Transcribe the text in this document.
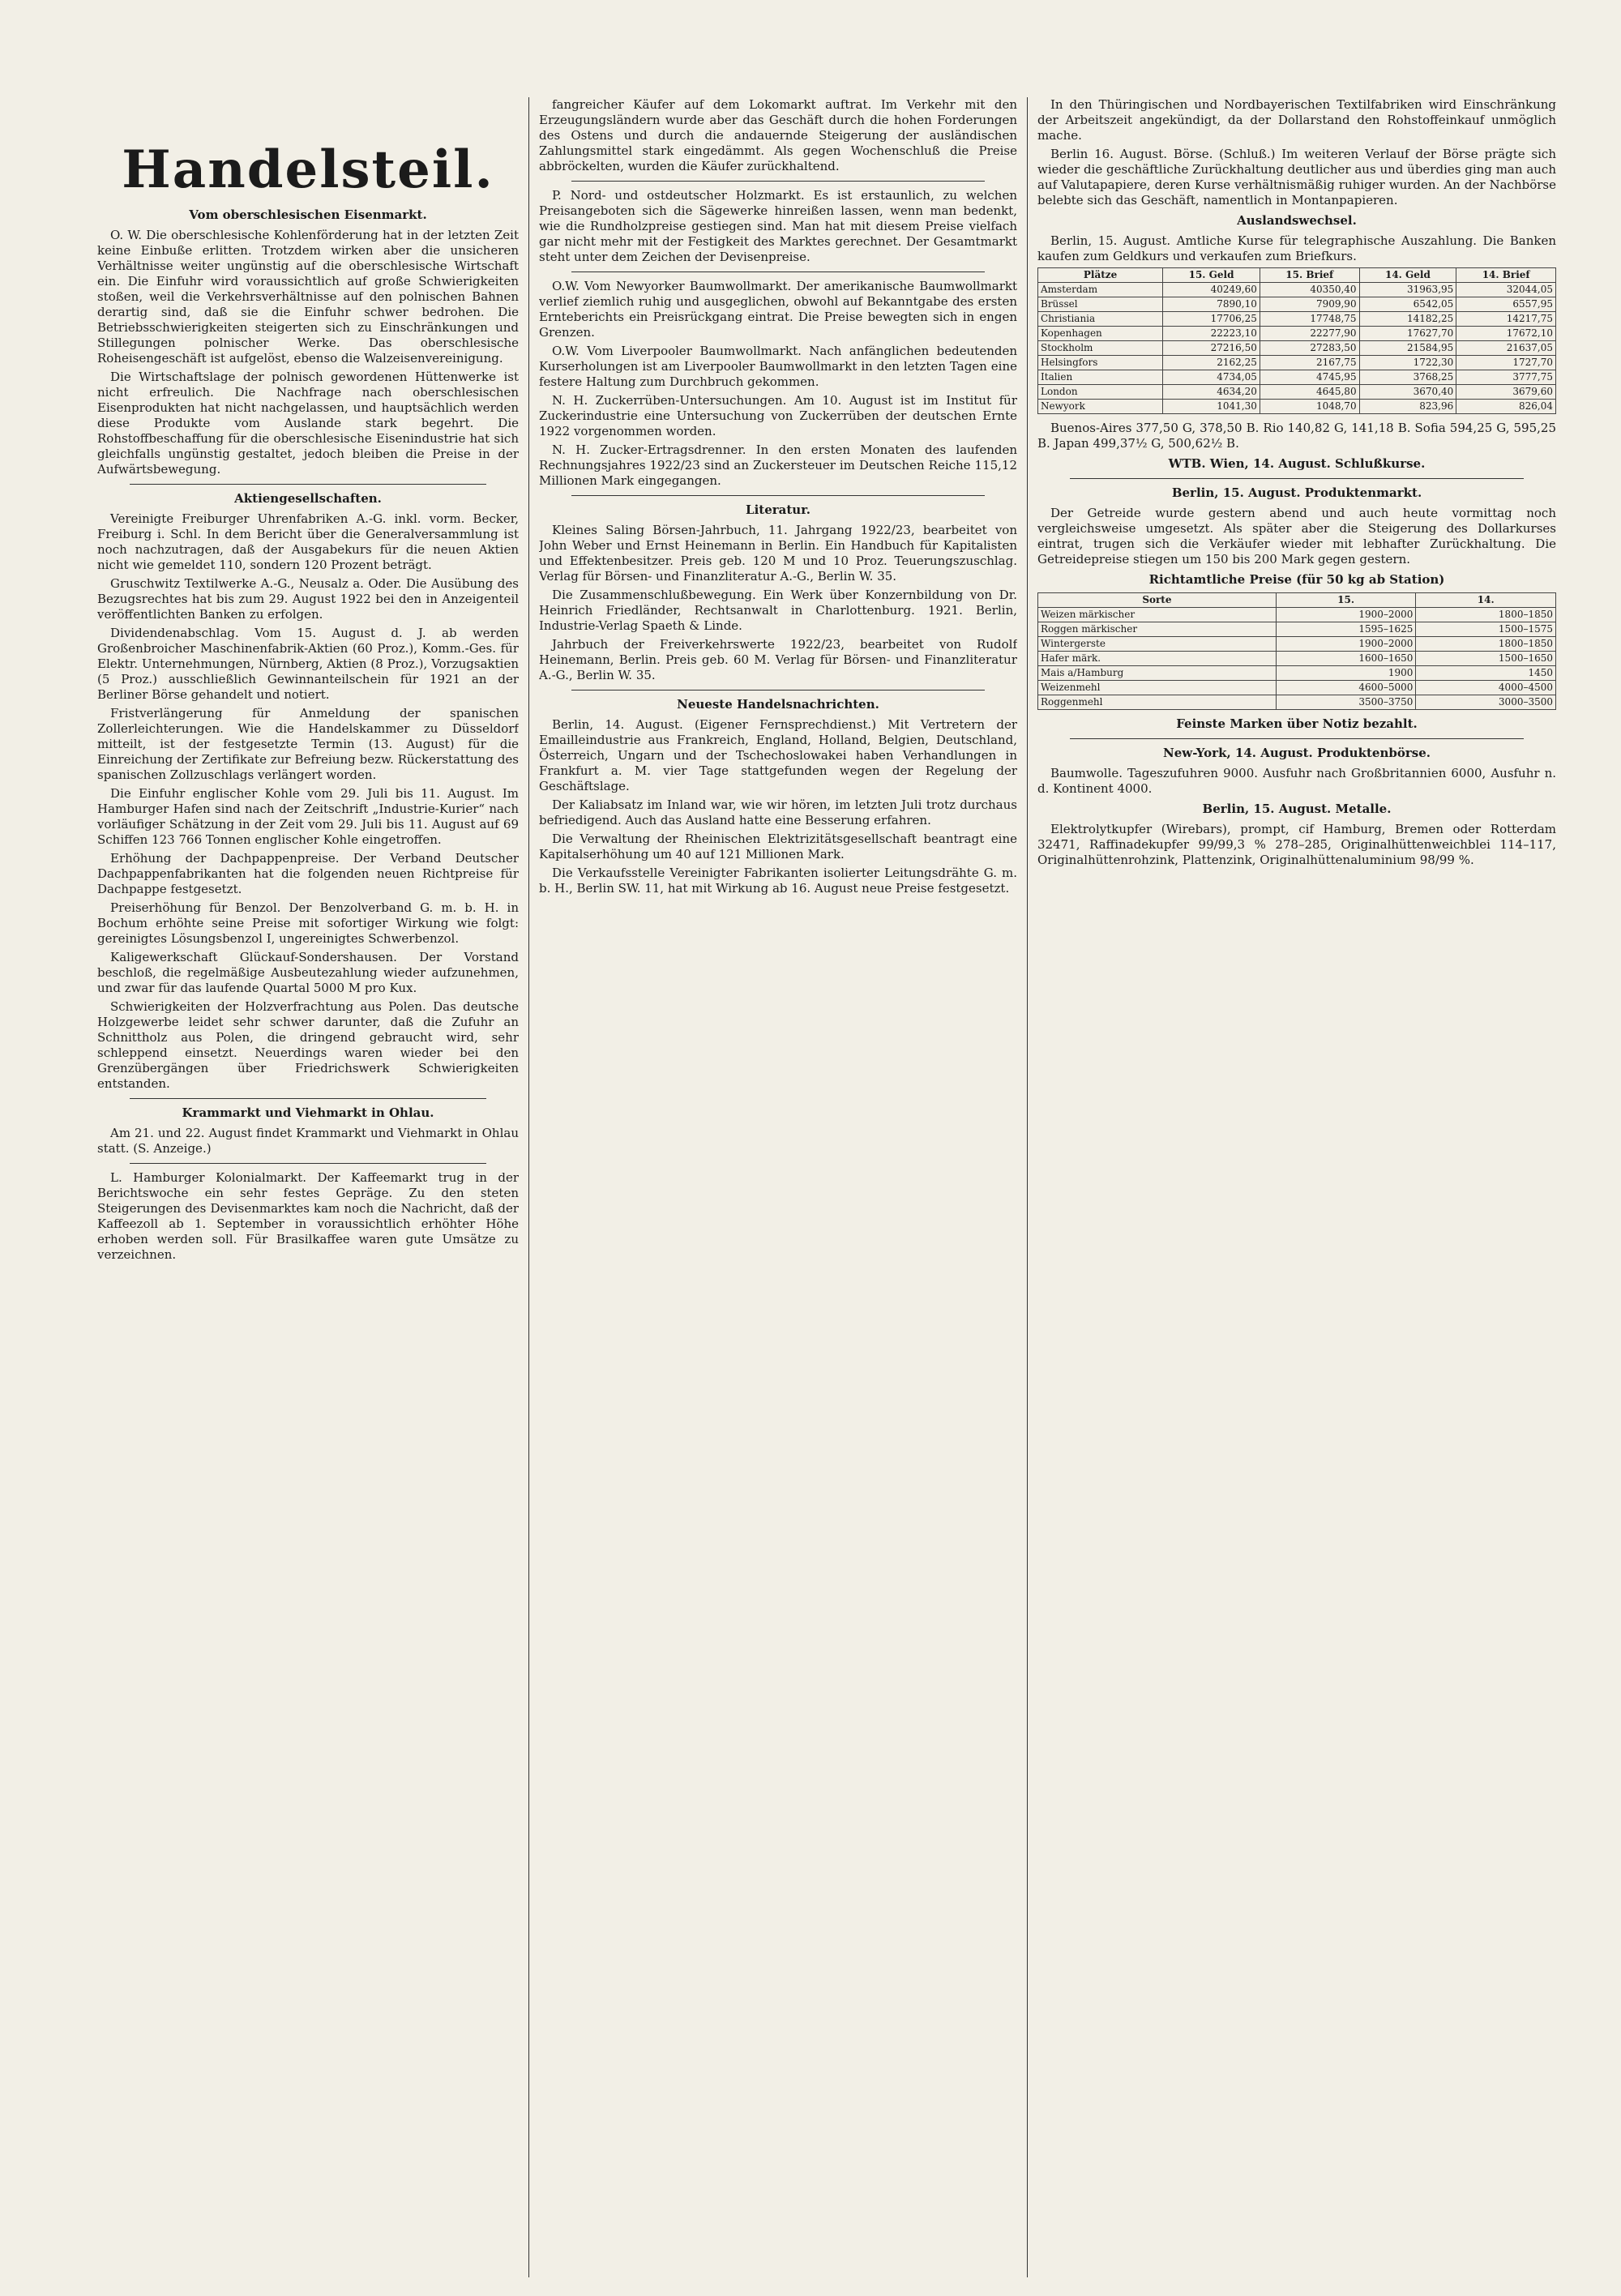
Handelsteil.
Vom oberschlesischen Eisenmarkt.

O. W. Die oberschlesische Kohlenförderung hat in der letzten Zeit keine Einbuße erlitten. Trotzdem wirken aber die unsicheren Verhältnisse weiter ungünstig auf die oberschlesische Wirtschaft ein. Die Einfuhr wird voraussichtlich auf große Schwierigkeiten stoßen, weil die Verkehrsverhältnisse auf den polnischen Bahnen derartig sind, daß sie die Einfuhr schwer bedrohen. Die Betriebsschwierigkeiten steigerten sich zu Einschränkungen und Stillegungen polnischer Werke. Das oberschlesische Roheisengeschäft ist aufgelöst, ebenso die Walzeisenvereinigung.

Die Wirtschaftslage der polnisch gewordenen Hüttenwerke ist nicht erfreulich. Die Nachfrage nach oberschlesischen Eisenprodukten hat nicht nachgelassen, und hauptsächlich werden diese Produkte vom Auslande stark begehrt. Die Rohstoffbeschaffung für die oberschlesische Eisenindustrie hat sich gleichfalls ungünstig gestaltet, jedoch bleiben die Preise in der Aufwärtsbewegung.

Aktiengesellschaften.

Vereinigte Freiburger Uhrenfabriken A.-G. inkl. vorm. Becker, Freiburg i. Schl. In dem Bericht über die Generalversammlung ist noch nachzutragen, daß der Ausgabekurs für die neuen Aktien nicht wie gemeldet 110, sondern 120 Prozent beträgt.

Gruschwitz Textilwerke A.-G., Neusalz a. Oder. Die Ausübung des Bezugsrechtes hat bis zum 29. August 1922 bei den in Anzeigenteil veröffentlichten Banken zu erfolgen.

Dividendenabschlag. Vom 15. August d. J. ab werden Großenbroicher Maschinenfabrik-Aktien (60 Proz.), Komm.-Ges. für Elektr. Unternehmungen, Nürnberg, Aktien (8 Proz.), Vorzugsaktien (5 Proz.) ausschließlich Gewinnanteilschein für 1921 an der Berliner Börse gehandelt und notiert.

Fristverlängerung für Anmeldung der spanischen Zollerleichterungen. Wie die Handelskammer zu Düsseldorf mitteilt, ist der festgesetzte Termin (13. August) für die Einreichung der Zertifikate zur Befreiung bezw. Rückerstattung des spanischen Zollzuschlags verlängert worden.

Die Einfuhr englischer Kohle vom 29. Juli bis 11. August. Im Hamburger Hafen sind nach der Zeitschrift „Industrie-Kurier“ nach vorläufiger Schätzung in der Zeit vom 29. Juli bis 11. August auf 69 Schiffen 123 766 Tonnen englischer Kohle eingetroffen.

Erhöhung der Dachpappenpreise. Der Verband Deutscher Dachpappenfabrikanten hat die folgenden neuen Richtpreise für Dachpappe festgesetzt.

Preiserhöhung für Benzol. Der Benzolverband G. m. b. H. in Bochum erhöhte seine Preise mit sofortiger Wirkung wie folgt: gereinigtes Lösungsbenzol I, ungereinigtes Schwerbenzol.

Kaligewerkschaft Glückauf-Sondershausen. Der Vorstand beschloß, die regelmäßige Ausbeutezahlung wieder aufzunehmen, und zwar für das laufende Quartal 5000 M pro Kux.

Schwierigkeiten der Holzverfrachtung aus Polen. Das deutsche Holzgewerbe leidet sehr schwer darunter, daß die Zufuhr an Schnittholz aus Polen, die dringend gebraucht wird, sehr schleppend einsetzt. Neuerdings waren wieder bei den Grenzübergängen über Friedrichswerk Schwierigkeiten entstanden.

Krammarkt und Viehmarkt in Ohlau.

Am 21. und 22. August findet Krammarkt und Viehmarkt in Ohlau statt. (S. Anzeige.)

L. Hamburger Kolonialmarkt. Der Kaffeemarkt trug in der Berichtswoche ein sehr festes Gepräge. Zu den steten Steigerungen des Devisenmarktes kam noch die Nachricht, daß der Kaffeezoll ab 1. September in voraussichtlich erhöhter Höhe erhoben werden soll. Für Brasilkaffee waren gute Umsätze zu verzeichnen.

fangreicher Käufer auf dem Lokomarkt auftrat. Im Verkehr mit den Erzeugungsländern wurde aber das Geschäft durch die hohen Forderungen des Ostens und durch die andauernde Steigerung der ausländischen Zahlungsmittel stark eingedämmt. Als gegen Wochenschluß die Preise abbröckelten, wurden die Käufer zurückhaltend.

P. Nord- und ostdeutscher Holzmarkt. Es ist erstaunlich, zu welchen Preisangeboten sich die Sägewerke hinreißen lassen, wenn man bedenkt, wie die Rundholzpreise gestiegen sind. Man hat mit diesem Preise vielfach gar nicht mehr mit der Festigkeit des Marktes gerechnet. Der Gesamtmarkt steht unter dem Zeichen der Devisenpreise.

O.W. Vom Newyorker Baumwollmarkt. Der amerikanische Baumwollmarkt verlief ziemlich ruhig und ausgeglichen, obwohl auf Bekanntgabe des ersten Ernteberichts ein Preisrückgang eintrat. Die Preise bewegten sich in engen Grenzen.

O.W. Vom Liverpooler Baumwollmarkt. Nach anfänglichen bedeutenden Kurserholungen ist am Liverpooler Baumwollmarkt in den letzten Tagen eine festere Haltung zum Durchbruch gekommen.

N. H. Zuckerrüben-Untersuchungen. Am 10. August ist im Institut für Zuckerindustrie eine Untersuchung von Zuckerrüben der deutschen Ernte 1922 vorgenommen worden.

N. H. Zucker-Ertragsdrenner. In den ersten Monaten des laufenden Rechnungsjahres 1922/23 sind an Zuckersteuer im Deutschen Reiche 115,12 Millionen Mark eingegangen.

Literatur.

Kleines Saling Börsen-Jahrbuch, 11. Jahrgang 1922/23, bearbeitet von John Weber und Ernst Heinemann in Berlin. Ein Handbuch für Kapitalisten und Effektenbesitzer. Preis geb. 120 M und 10 Proz. Teuerungszuschlag. Verlag für Börsen- und Finanzliteratur A.-G., Berlin W. 35.

Die Zusammenschlußbewegung. Ein Werk über Konzernbildung von Dr. Heinrich Friedländer, Rechtsanwalt in Charlottenburg. 1921. Berlin, Industrie-Verlag Spaeth & Linde.

Jahrbuch der Freiverkehrswerte 1922/23, bearbeitet von Rudolf Heinemann, Berlin. Preis geb. 60 M. Verlag für Börsen- und Finanzliteratur A.-G., Berlin W. 35.

Neueste Handelsnachrichten.

Berlin, 14. August. (Eigener Fernsprechdienst.) Mit Vertretern der Emailleindustrie aus Frankreich, England, Holland, Belgien, Deutschland, Österreich, Ungarn und der Tschechoslowakei haben Verhandlungen in Frankfurt a. M. vier Tage stattgefunden wegen der Regelung der Geschäftslage.

Der Kaliabsatz im Inland war, wie wir hören, im letzten Juli trotz durchaus befriedigend. Auch das Ausland hatte eine Besserung erfahren.

Die Verwaltung der Rheinischen Elektrizitätsgesellschaft beantragt eine Kapitalserhöhung um 40 auf 121 Millionen Mark.

Die Verkaufsstelle Vereinigter Fabrikanten isolierter Leitungsdrähte G. m. b. H., Berlin SW. 11, hat mit Wirkung ab 16. August neue Preise festgesetzt.

In den Thüringischen und Nordbayerischen Textilfabriken wird Einschränkung der Arbeitszeit angekündigt, da der Dollarstand den Rohstoffeinkauf unmöglich mache.

Berlin 16. August. Börse. (Schluß.) Im weiteren Verlauf der Börse prägte sich wieder die geschäftliche Zurückhaltung deutlicher aus und überdies ging man auch auf Valutapapiere, deren Kurse verhältnismäßig ruhiger wurden. An der Nachbörse belebte sich das Geschäft, namentlich in Montanpapieren.

Auslandswechsel.

Berlin, 15. August. Amtliche Kurse für telegraphische Auszahlung. Die Banken kaufen zum Geldkurs und verkaufen zum Briefkurs.

Plätze	15. Geld	15. Brief	14. Geld	14. Brief
Amsterdam	40249,60	40350,40	31963,95	32044,05
Brüssel	7890,10	7909,90	6542,05	6557,95
Christiania	17706,25	17748,75	14182,25	14217,75
Kopenhagen	22223,10	22277,90	17627,70	17672,10
Stockholm	27216,50	27283,50	21584,95	21637,05
Helsingfors	2162,25	2167,75	1722,30	1727,70
Italien	4734,05	4745,95	3768,25	3777,75
London	4634,20	4645,80	3670,40	3679,60
Newyork	1041,30	1048,70	823,96	826,04

Buenos-Aires 377,50 G, 378,50 B. Rio 140,82 G, 141,18 B. Sofia 594,25 G, 595,25 B. Japan 499,37½ G, 500,62½ B.

WTB. Wien, 14. August. Schlußkurse.
Berlin, 15. August. Produktenmarkt.

Der Getreide wurde gestern abend und auch heute vormittag noch vergleichsweise umgesetzt. Als später aber die Steigerung des Dollarkurses eintrat, trugen sich die Verkäufer wieder mit lebhafter Zurückhaltung. Die Getreidepreise stiegen um 150 bis 200 Mark gegen gestern.

Richtamtliche Preise (für 50 kg ab Station)
Sorte	15.	14.
Weizen märkischer	1900–2000	1800–1850
Roggen märkischer	1595–1625	1500–1575
Wintergerste	1900–2000	1800–1850
Hafer märk.	1600–1650	1500–1650
Mais a/Hamburg	1900	1450
Weizenmehl	4600–5000	4000–4500
Roggenmehl	3500–3750	3000–3500
Feinste Marken über Notiz bezahlt.
New-York, 14. August. Produktenbörse.

Baumwolle. Tageszufuhren 9000. Ausfuhr nach Großbritannien 6000, Ausfuhr n. d. Kontinent 4000.

Berlin, 15. August. Metalle.

Elektrolytkupfer (Wirebars), prompt, cif Hamburg, Bremen oder Rotterdam 32471, Raffinadekupfer 99/99,3 % 278–285, Originalhüttenweichblei 114–117, Originalhüttenrohzink, Plattenzink, Originalhüttenaluminium 98/99 %.
